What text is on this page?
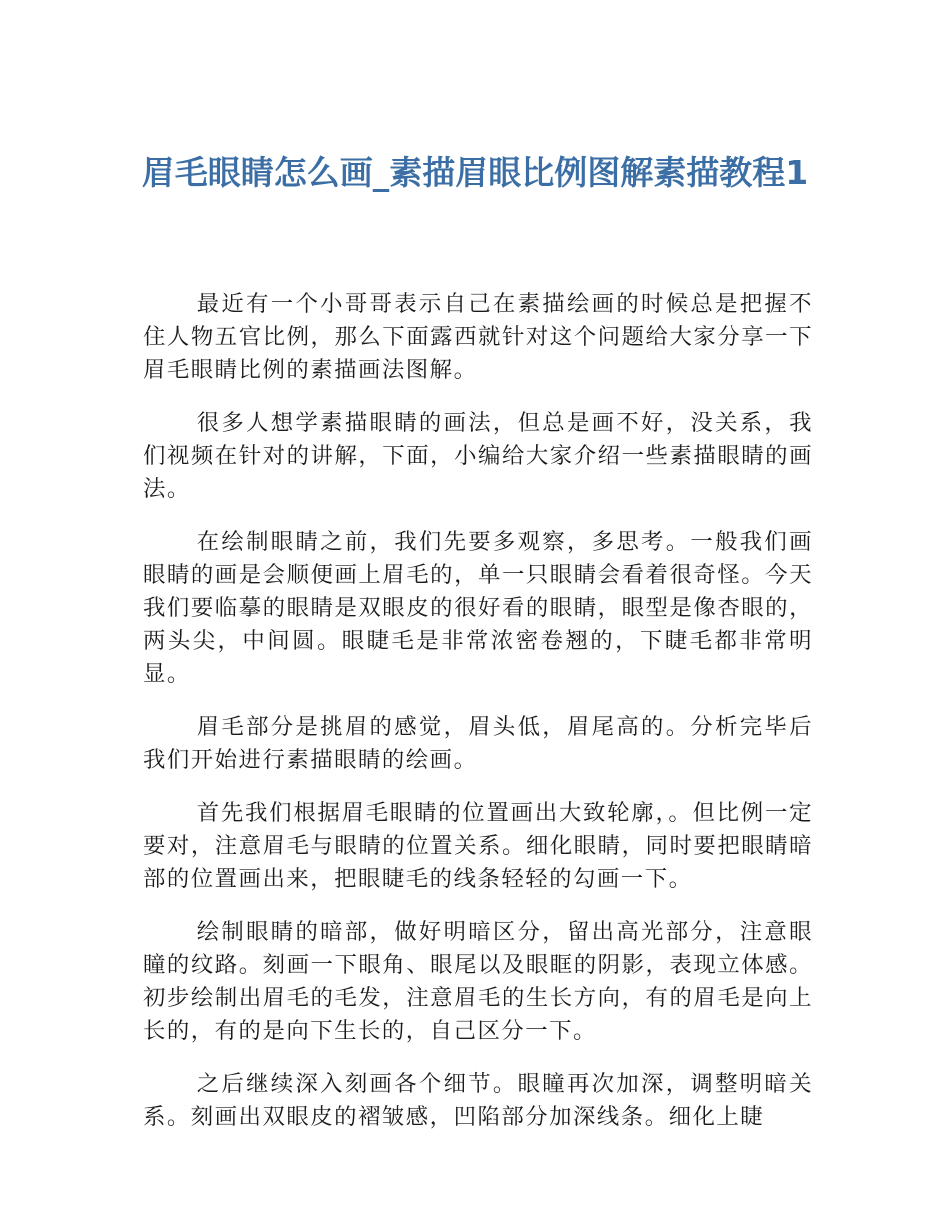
眉毛眼睛怎么画_素描眉眼比例图解素描教程1

最近有一个小哥哥表示自己在素描绘画的时候总是把握不住人物五官比例，那么下面露西就针对这个问题给大家分享一下眉毛眼睛比例的素描画法图解。

很多人想学素描眼睛的画法，但总是画不好，没关系，我们视频在针对的讲解，下面，小编给大家介绍一些素描眼睛的画法。

在绘制眼睛之前，我们先要多观察，多思考。一般我们画眼睛的画是会顺便画上眉毛的，单一只眼睛会看着很奇怪。今天我们要临摹的眼睛是双眼皮的很好看的眼睛，眼型是像杏眼的，两头尖，中间圆。眼睫毛是非常浓密卷翘的，下睫毛都非常明显。

眉毛部分是挑眉的感觉，眉头低，眉尾高的。分析完毕后我们开始进行素描眼睛的绘画。

首先我们根据眉毛眼睛的位置画出大致轮廓，。但比例一定要对，注意眉毛与眼睛的位置关系。细化眼睛，同时要把眼睛暗部的位置画出来，把眼睫毛的线条轻轻的勾画一下。

绘制眼睛的暗部，做好明暗区分，留出高光部分，注意眼瞳的纹路。刻画一下眼角、眼尾以及眼眶的阴影，表现立体感。初步绘制出眉毛的毛发，注意眉毛的生长方向，有的眉毛是向上长的，有的是向下生长的，自己区分一下。

之后继续深入刻画各个细节。眼瞳再次加深，调整明暗关系。刻画出双眼皮的褶皱感，凹陷部分加深线条。细化上睫
